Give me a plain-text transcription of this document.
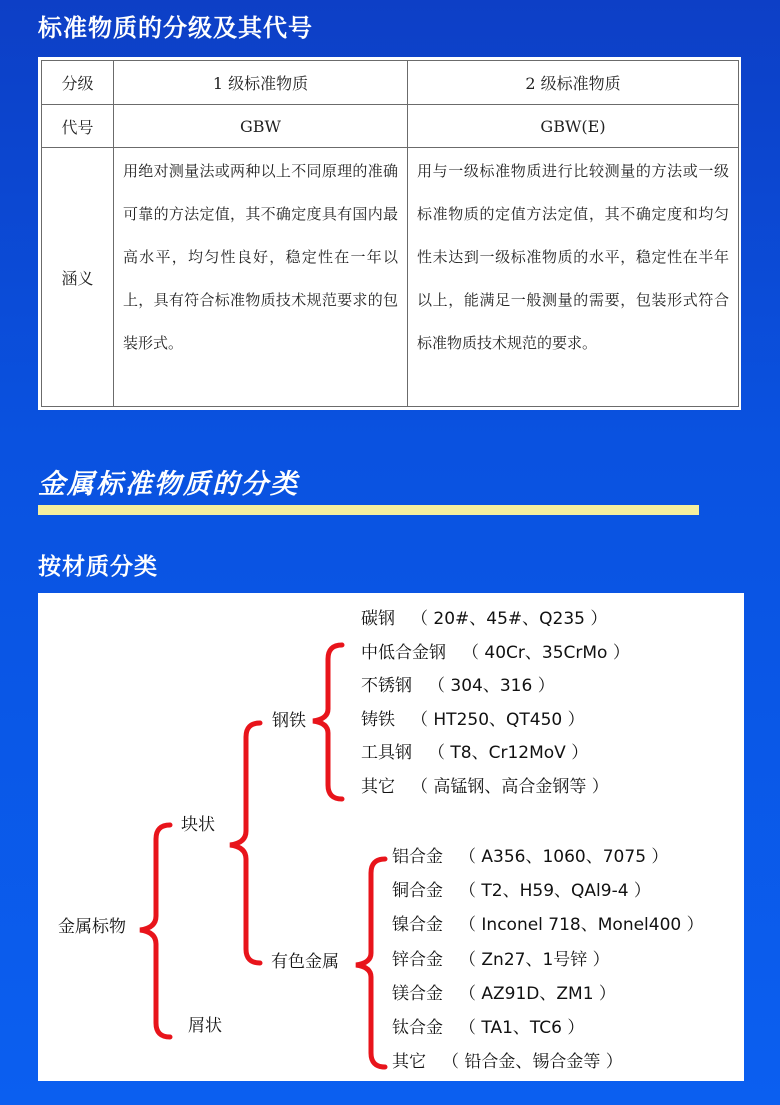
标准物质的分级及其代号
分级	1 级标准物质	2 级标准物质
代号	GBW	GBW(E)
涵义	用绝对测量法或两种以上不同原理的准确可靠的方法定值，其不确定度具有国内最高水平，均匀性良好，稳定性在一年以上，具有符合标准物质技术规范要求的包装形式。	用与一级标准物质进行比较测量的方法或一级标准物质的定值方法定值，其不确定度和均匀性未达到一级标准物质的水平，稳定性在半年以上，能满足一般测量的需要，包装形式符合标准物质技术规范的要求。
金属标准物质的分类
按材质分类
金属标物
块状
屑状
钢铁
有色金属
碳钢 （ 20#、45#、Q235 ）
中低合金钢 （ 40Cr、35CrMo ）
不锈钢 （ 304、316 ）
铸铁 （ HT250、QT450 ）
工具钢 （ T8、Cr12MoV ）
其它 （ 高锰钢、高合金钢等 ）
铝合金 （ A356、1060、7075 ）
铜合金 （ T2、H59、QAl9-4 ）
镍合金 （ Inconel 718、Monel400 ）
锌合金 （ Zn27、1号锌 ）
镁合金 （ AZ91D、ZM1 ）
钛合金 （ TA1、TC6 ）
其它 （ 铅合金、锡合金等 ）
